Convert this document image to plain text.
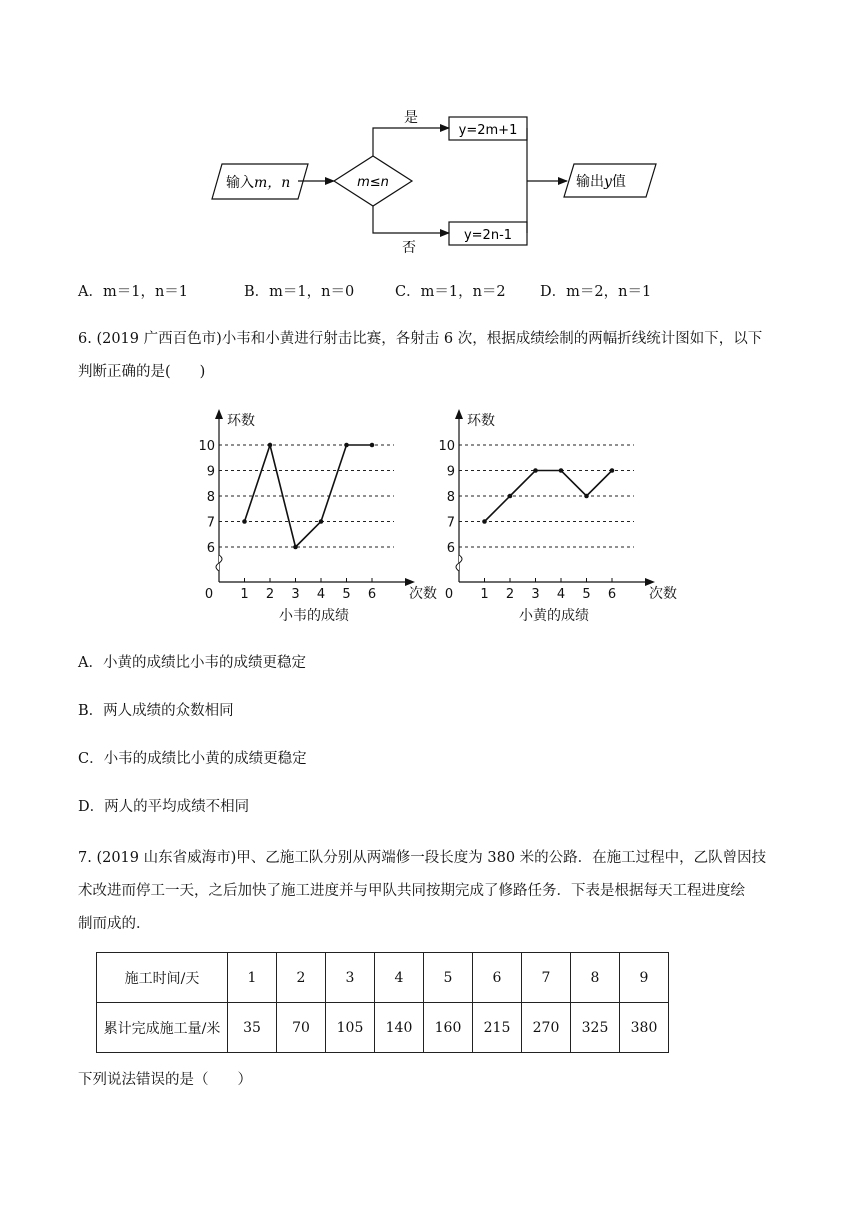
输入m，n	m≤n
是
y=2m+1
否
y=2n-1
输出y值
A．m＝1，n＝1	B．m＝1，n＝0	C．m＝1，n＝2 D．m＝2，n＝1
6. (2019 广西百色市)小韦和小黄进行射击比赛，各射击 6 次，根据成绩绘制的两幅折线统计图如下，以下
判断正确的是(　　)
6
7
8
9
10
环数
次数
0 1 2 3 4 5 6
小韦的成绩
6
7
8
9
10
环数
次数
0 1 2 3 4 5 6
小黄的成绩
A．小黄的成绩比小韦的成绩更稳定
B．两人成绩的众数相同
C．小韦的成绩比小黄的成绩更稳定
D．两人的平均成绩不相同
7. (2019 山东省威海市)甲、乙施工队分别从两端修一段长度为 380 米的公路．在施工过程中，乙队曾因技
术改进而停工一天，之后加快了施工进度并与甲队共同按期完成了修路任务．下表是根据每天工程进度绘
制而成的．
施工时间/天	1	2	3	4	5	6	7	8	9
累计完成施工量/米	35	70	105	140	160	215	270	325	380
下列说法错误的是（　　）
